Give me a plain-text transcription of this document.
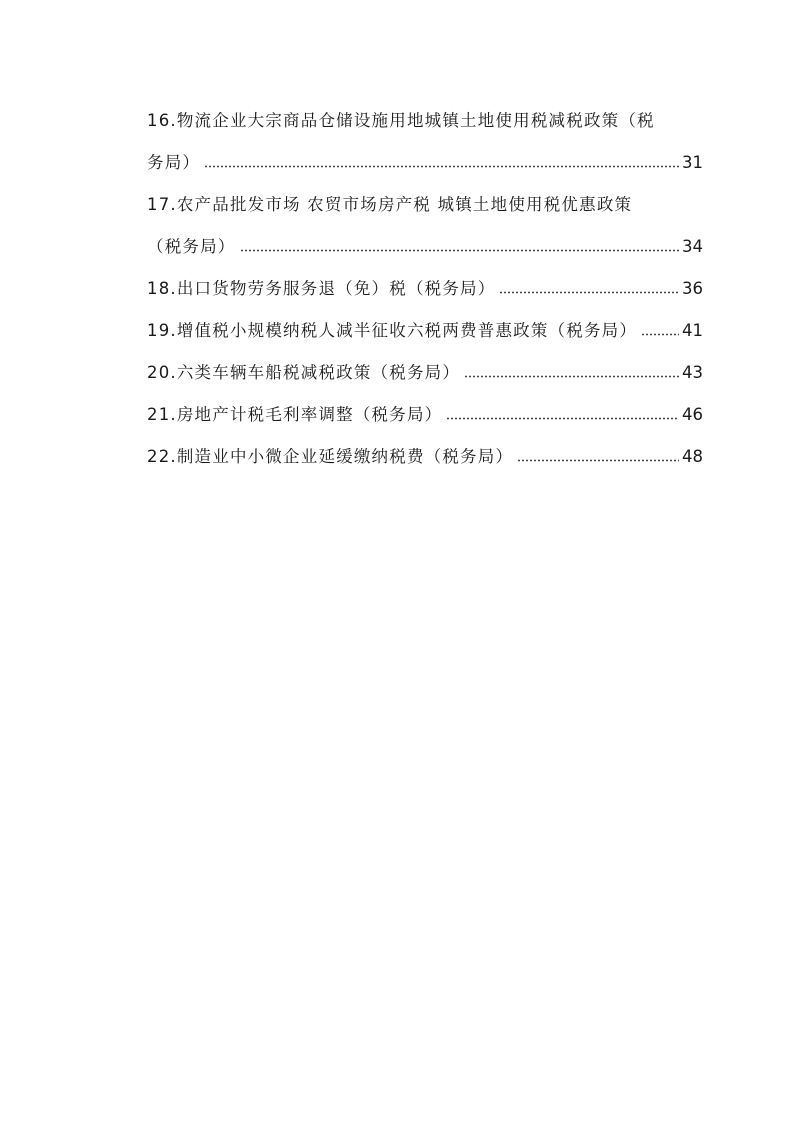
16.物流企业大宗商品仓储设施用地城镇土地使用税减税政策（税
务局）	31
17.农产品批发市场 农贸市场房产税 城镇土地使用税优惠政策
（税务局）	34
18.出口货物劳务服务退（免）税（税务局）	36
19.增值税小规模纳税人减半征收六税两费普惠政策（税务局）	41
20.六类车辆车船税减税政策（税务局）	43
21.房地产计税毛利率调整（税务局）	46
22.制造业中小微企业延缓缴纳税费（税务局）	48
